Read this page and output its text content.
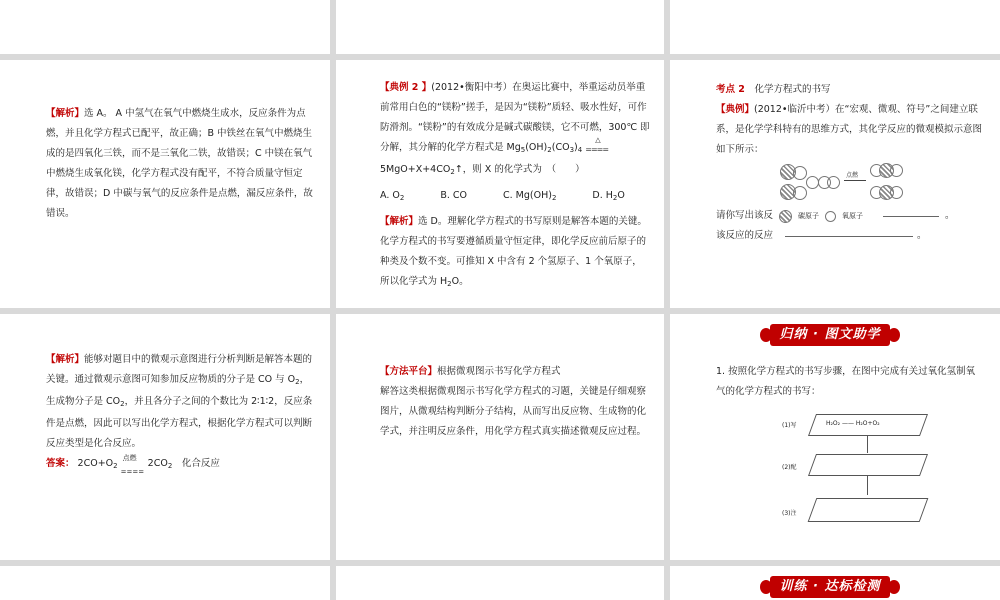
【解析】选 A。 A 中氢气在氧气中燃烧生成水，反应条件为点燃，并且化学方程式已配平，故正确；B 中铁丝在氧气中燃烧生成的是四氧化三铁，而不是三氧化二铁，故错误；C 中镁在氧气中燃烧生成氧化镁，化学方程式没有配平，不符合质量守恒定律，故错误；D 中碳与氧气的反应条件是点燃，漏反应条件，故错误。
【典例 2 】(2012•衡阳中考）在奥运比赛中，举重运动员举重前常用白色的“镁粉”搓手，是因为“镁粉”质轻、吸水性好，可作防滑剂。“镁粉”的有效成分是碱式碳酸镁，它不可燃，300℃ 即分解，其分解的化学方程式是 $Mg_5(OH)_2(CO_3)_4$
△
====

$5MgO+X+4CO_2↑$，则 X 的化学式为　（　　）
A. $O_2$	B. CO	C. $Mg(OH)_2$	D. $H_2O$
【解析】选 D。理解化学方程式的书写原则是解答本题的关键。化学方程式的书写要遵循质量守恒定律，即化学反应前后原子的种类及个数不变。可推知 X 中含有 2 个氢原子、1 个氧原子，所以化学式为 $H_2O$。
考点 2　 化学方程式的书写
【典例】(2012•临沂中考）在“宏观、微观、符号”之间建立联系，是化学学科特有的思维方式，其化学反应的微观模拟示意图如下所示：
点燃
请你写出该反	碳原子	氧原子	。
该反应的反应	。
【解析】能够对题目中的微观示意图进行分析判断是解答本题的关键。通过微观示意图可知参加反应物质的分子是 CO 与 $O_2$，生成物分子是 $CO_2$，并且各分子之间的个数比为 2∶1∶2，反应条件是点燃，因此可以写出化学方程式，根据化学方程式可以判断反应类型是化合反应。
答案： $2CO+O_2$
点燃
====
$2CO_2$　 化合反应
【方法平台】根据微观图示书写化学方程式
解答这类根据微观图示书写化学方程式的习题，关键是仔细观察图片，从微观结构判断分子结构，从而写出反应物、生成物的化学式，并注明反应条件，用化学方程式真实描述微观反应过程。
归纳 · 图文助学
1. 按照化学方程式的书写步骤，在图中完成有关过氧化氢制氧气的化学方程式的书写：
(1)写	H₂O₂ —— H₂O+O₂
(2)配
(3)注
训练 · 达标检测
